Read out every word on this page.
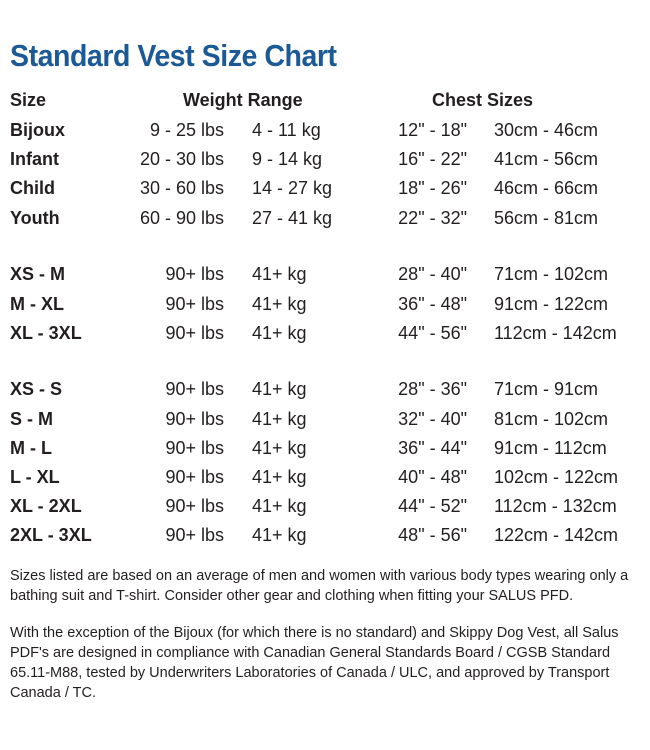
Standard Vest Size Chart
Size	Weight Range	Chest Sizes
Bijoux	9 - 25 lbs 4 - 11 kg	12" - 18" 30cm - 46cm
Infant	20 - 30 lbs 9 - 14 kg	16" - 22" 41cm - 56cm
Child	30 - 60 lbs 14 - 27 kg	18" - 26" 46cm - 66cm
Youth	60 - 90 lbs 27 - 41 kg	22" - 32" 56cm - 81cm
XS - M	90+ lbs 41+ kg	28" - 40" 71cm - 102cm
M - XL	90+ lbs 41+ kg	36" - 48" 91cm - 122cm
XL - 3XL	90+ lbs 41+ kg	44" - 56" 112cm - 142cm
XS - S	90+ lbs 41+ kg	28" - 36" 71cm - 91cm
S - M	90+ lbs 41+ kg	32" - 40" 81cm - 102cm
M - L	90+ lbs 41+ kg	36" - 44" 91cm - 112cm
L - XL	90+ lbs 41+ kg	40" - 48" 102cm - 122cm
XL - 2XL	90+ lbs 41+ kg	44" - 52" 112cm - 132cm
2XL - 3XL	90+ lbs 41+ kg	48" - 56" 122cm - 142cm
Sizes listed are based on an average of men and women with various body types wearing only a bathing suit and T-shirt. Consider other gear and clothing when fitting your SALUS PFD.
With the exception of the Bijoux (for which there is no standard) and Skippy Dog Vest, all Salus PDF's are designed in compliance with Canadian General Standards Board / CGSB Standard 65.11-M88, tested by Underwriters Laboratories of Canada / ULC, and approved by Transport Canada / TC.
